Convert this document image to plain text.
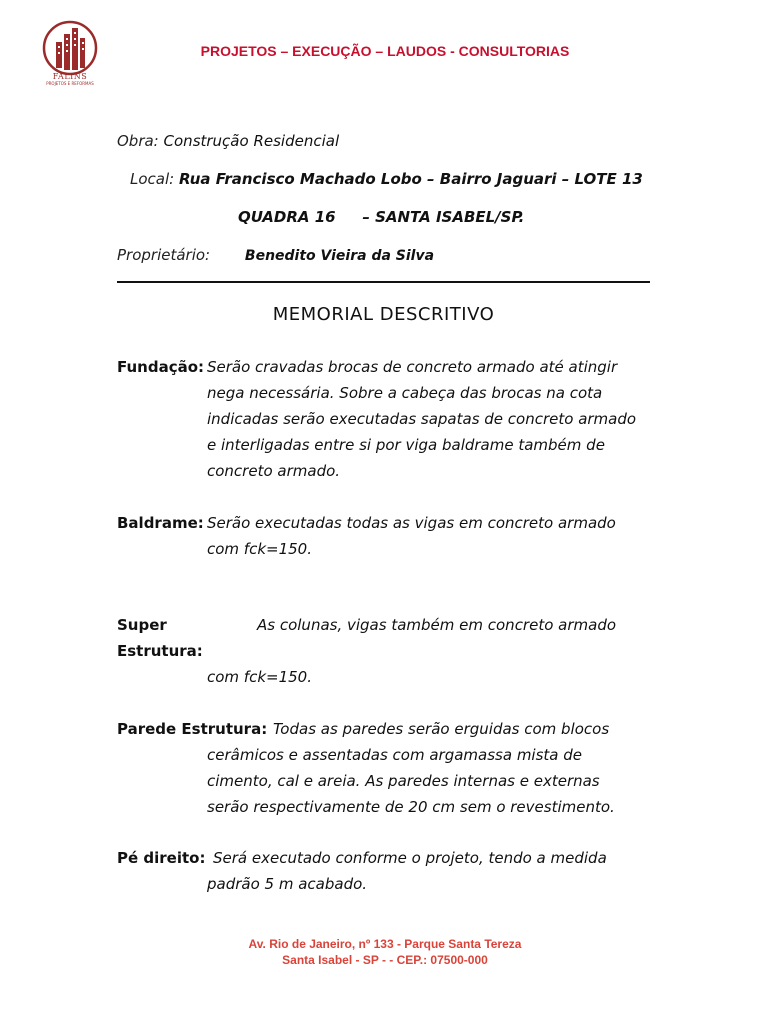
FALINS
PROJETOS E REFORMAS
PROJETOS – EXECUÇÃO – LAUDOS - CONSULTORIAS
Obra: Construção Residencial
Local: Rua Francisco Machado Lobo – Bairro Jaguari – LOTE 13
QUADRA 16 – SANTA ISABEL/SP.
Proprietário: Benedito Vieira da Silva
MEMORIAL DESCRITIVO
Fundação: Serão cravadas brocas de concreto armado até atingir
nega necessária. Sobre a cabeça das brocas na cota
indicadas serão executadas sapatas de concreto armado
e interligadas entre si por viga baldrame também de
concreto armado.
Baldrame: Serão executadas todas as vigas em concreto armado
com fck=150.
Super Estrutura:
As colunas, vigas também em concreto armado
com fck=150.
Parede Estrutura: Todas as paredes serão erguidas com blocos
cerâmicos e assentadas com argamassa mista de
cimento, cal e areia. As paredes internas e externas
serão respectivamente de 20 cm sem o revestimento.
Pé direito: Será executado conforme o projeto, tendo a medida
padrão 5 m acabado.
Av. Rio de Janeiro, nº 133 - Parque Santa Tereza
Santa Isabel - SP - - CEP.: 07500-000
